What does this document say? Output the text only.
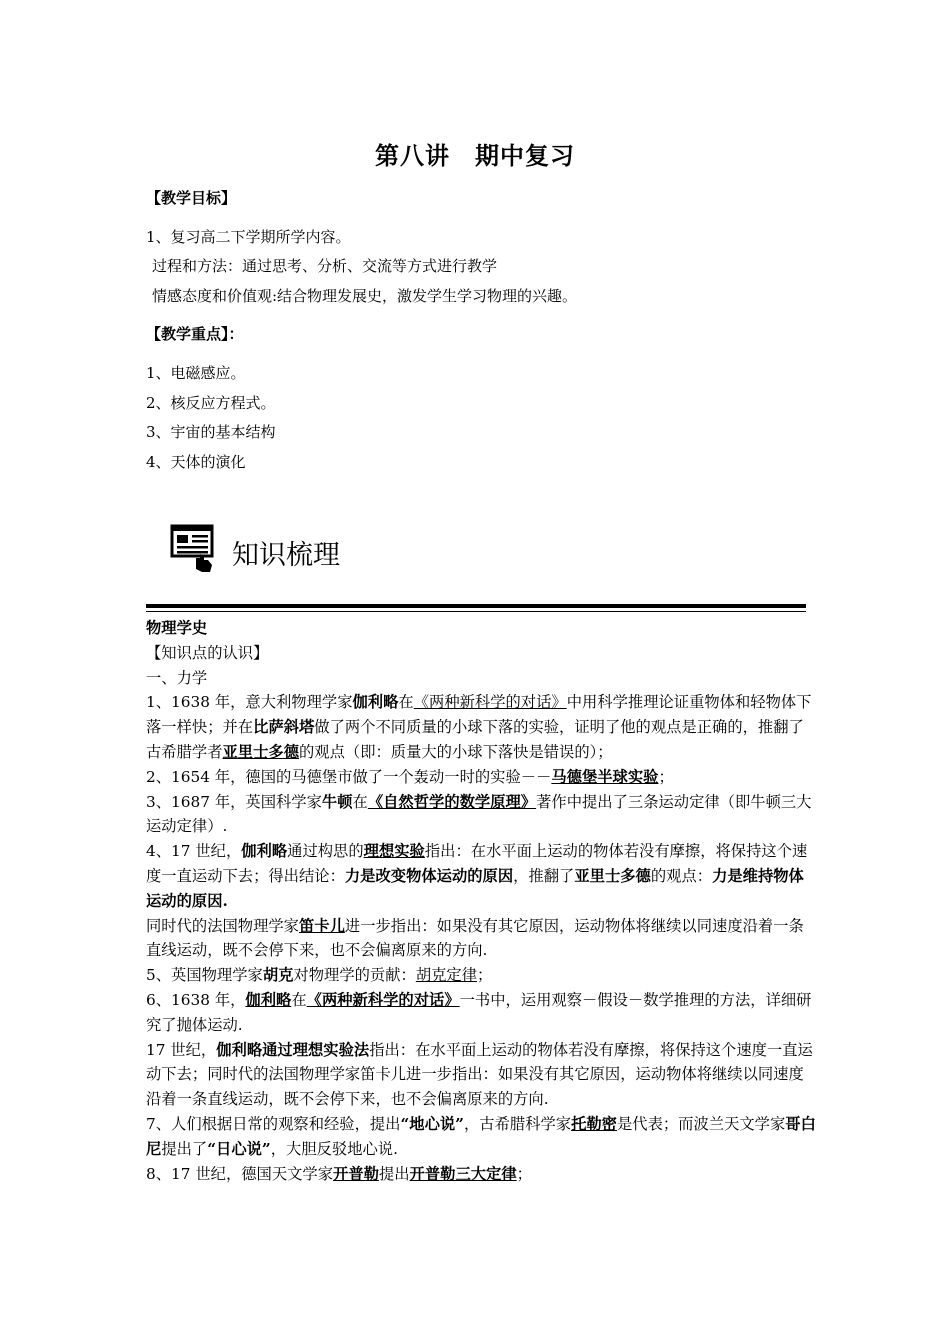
第八讲　期中复习
【教学目标】
1、复习高二下学期所学内容。
过程和方法：通过思考、分析、交流等方式进行教学
情感态度和价值观:结合物理发展史，激发学生学习物理的兴趣。
【教学重点】：
1、电磁感应。
2、核反应方程式。
3、宇宙的基本结构
4、天体的演化
知识梳理

物理学史

【知识点的认识】

一、力学

1、1638 年，意大利物理学家伽利略在《两种新科学的对话》中用科学推理论证重物体和轻物体下落一样快；并在比萨斜塔做了两个不同质量的小球下落的实验，证明了他的观点是正确的，推翻了古希腊学者亚里士多德的观点（即：质量大的小球下落快是错误的）；

2、1654 年，德国的马德堡市做了一个轰动一时的实验－－马德堡半球实验；

3、1687 年，英国科学家牛顿在《自然哲学的数学原理》著作中提出了三条运动定律（即牛顿三大运动定律）.

4、17 世纪，伽利略通过构思的理想实验指出：在水平面上运动的物体若没有摩擦，将保持这个速度一直运动下去；得出结论：力是改变物体运动的原因，推翻了亚里士多德的观点：力是维持物体运动的原因.

同时代的法国物理学家笛卡儿进一步指出：如果没有其它原因，运动物体将继续以同速度沿着一条直线运动，既不会停下来，也不会偏离原来的方向.

5、英国物理学家胡克对物理学的贡献：胡克定律；

6、1638 年，伽利略在《两种新科学的对话》一书中，运用观察－假设－数学推理的方法，详细研究了抛体运动.

17 世纪，伽利略通过理想实验法指出：在水平面上运动的物体若没有摩擦，将保持这个速度一直运动下去；同时代的法国物理学家笛卡儿进一步指出：如果没有其它原因，运动物体将继续以同速度沿着一条直线运动，既不会停下来，也不会偏离原来的方向.

7、人们根据日常的观察和经验，提出“地心说”，古希腊科学家托勒密是代表；而波兰天文学家哥白尼提出了“日心说”，大胆反驳地心说.

8、17 世纪，德国天文学家开普勒提出开普勒三大定律；
